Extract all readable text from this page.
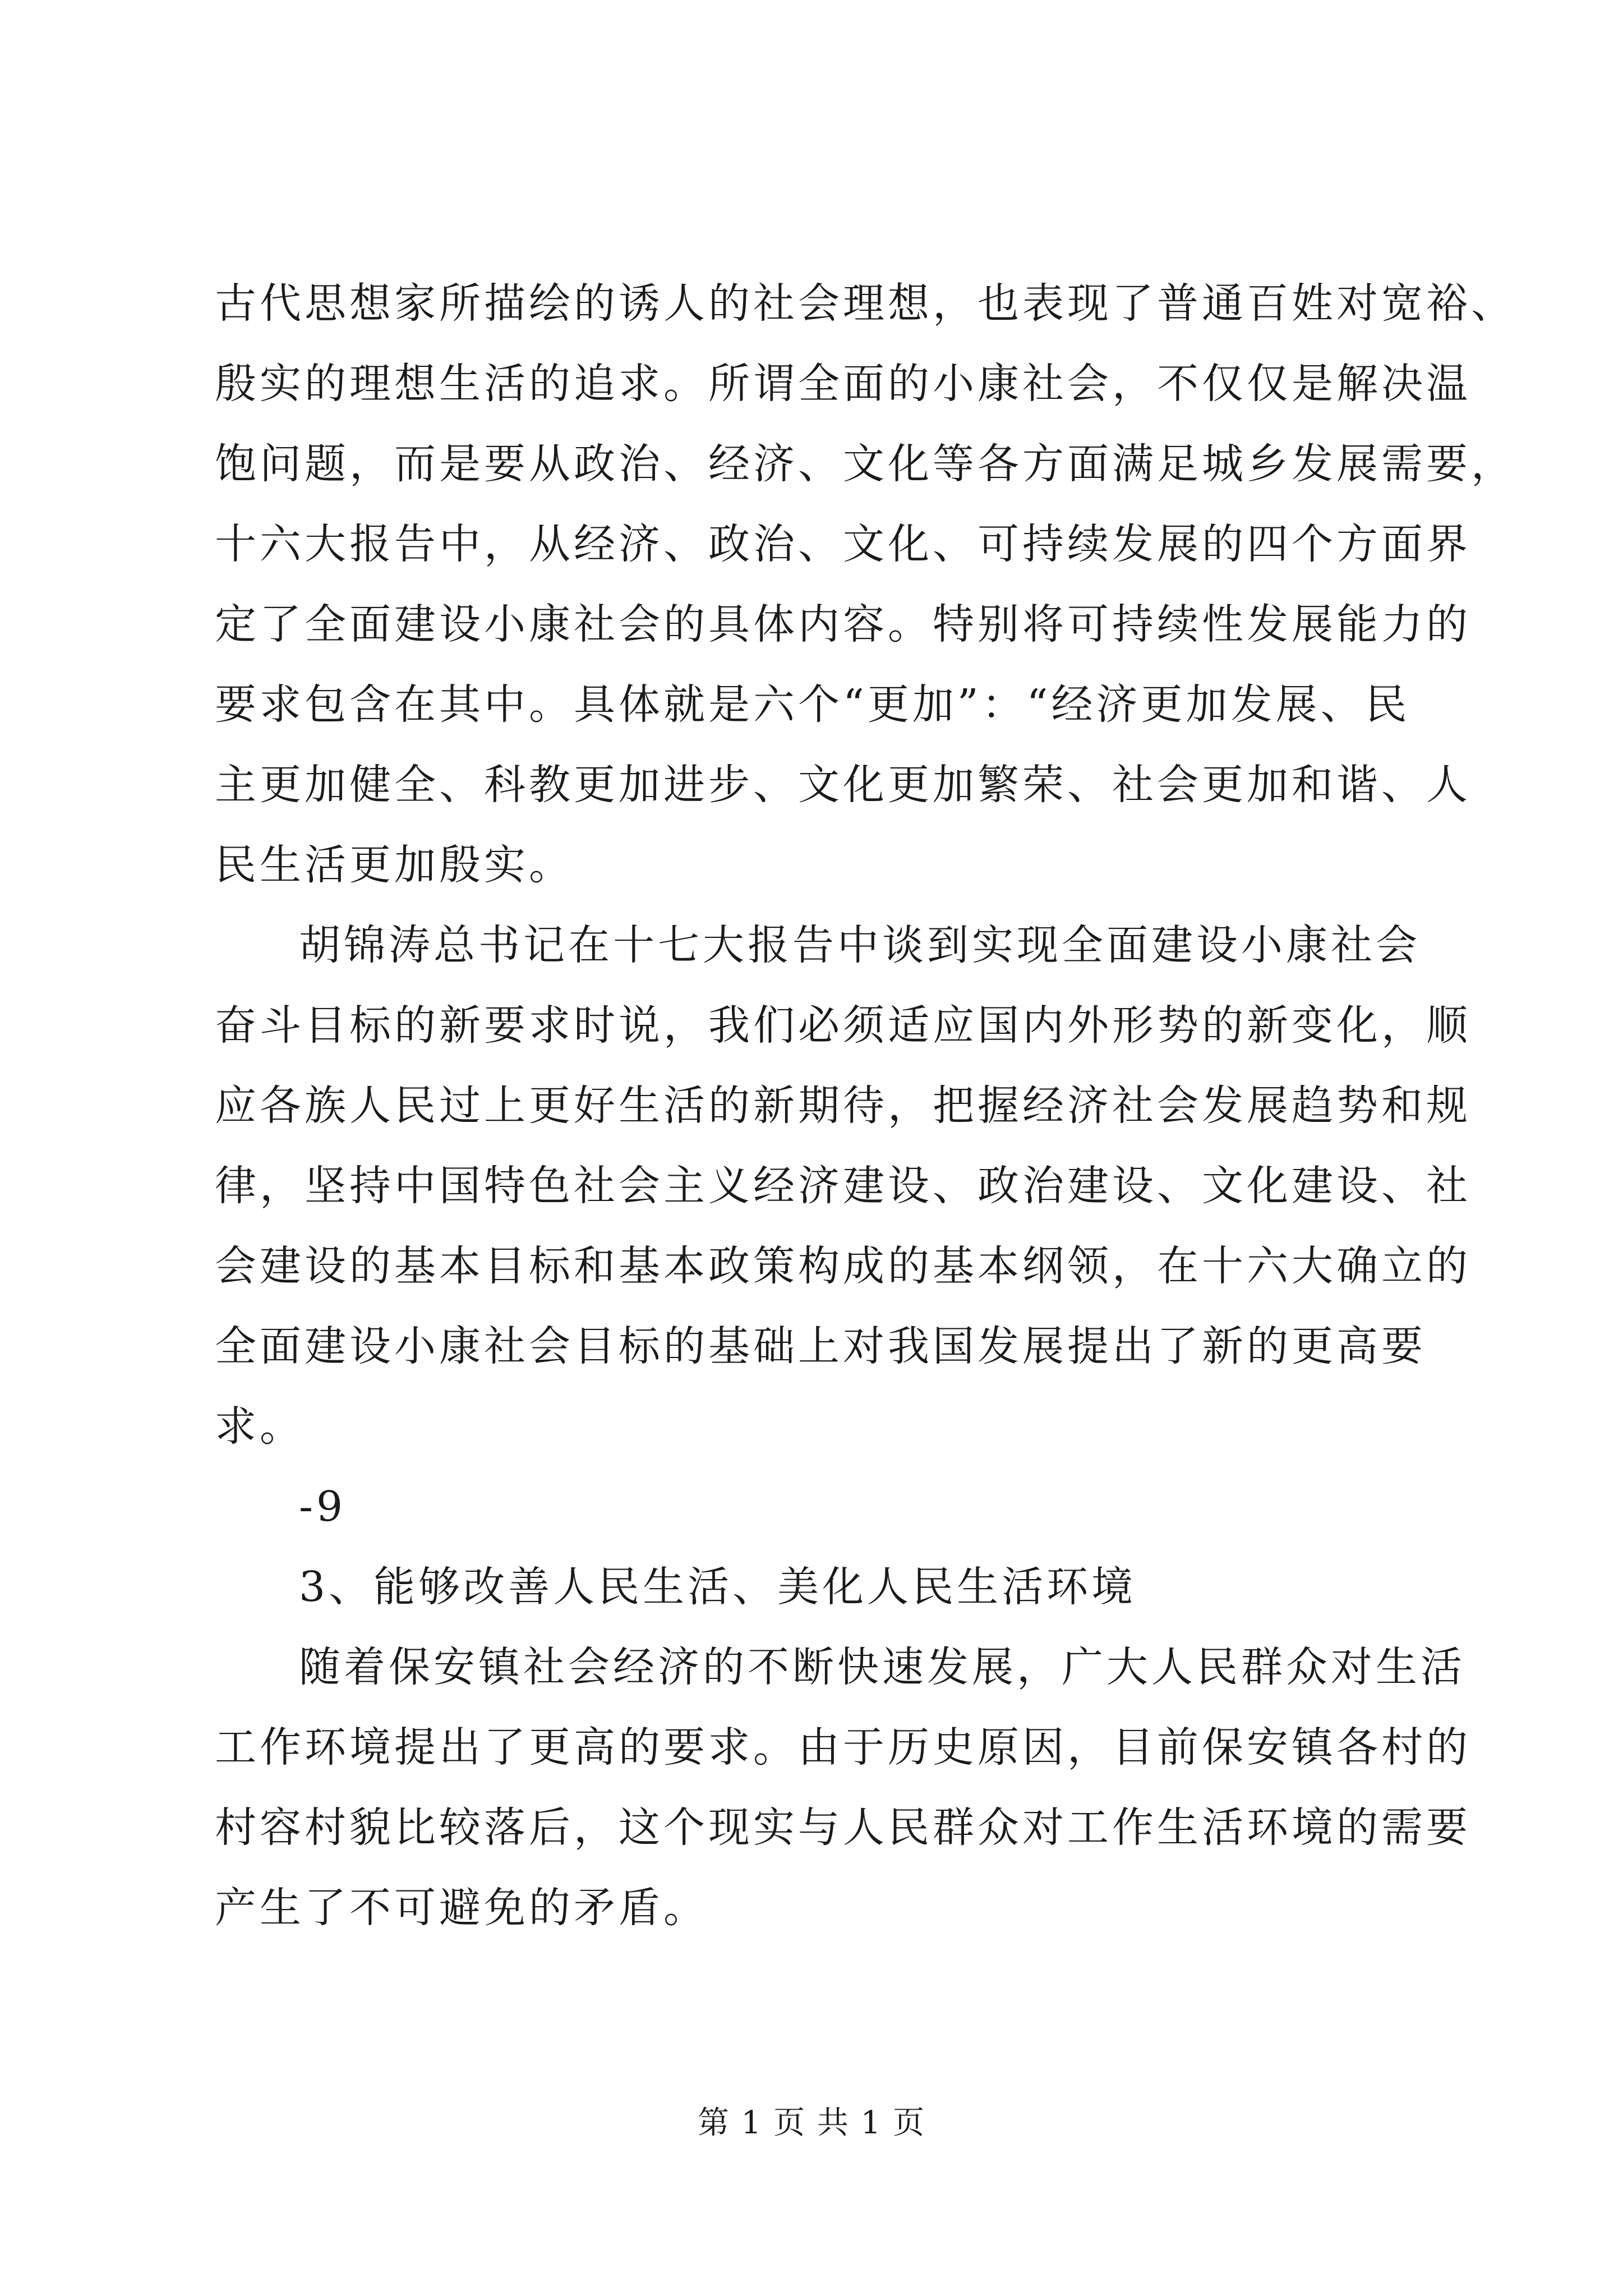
古代思想家所描绘的诱人的社会理想，也表现了普通百姓对宽裕、
殷实的理想生活的追求。所谓全面的小康社会，不仅仅是解决温
饱问题，而是要从政治、经济、文化等各方面满足城乡发展需要，
十六大报告中，从经济、政治、文化、可持续发展的四个方面界
定了全面建设小康社会的具体内容。特别将可持续性发展能力的
要求包含在其中。具体就是六个“更加”：“经济更加发展、民
主更加健全、科教更加进步、文化更加繁荣、社会更加和谐、人
民生活更加殷实。
胡锦涛总书记在十七大报告中谈到实现全面建设小康社会
奋斗目标的新要求时说，我们必须适应国内外形势的新变化，顺
应各族人民过上更好生活的新期待，把握经济社会发展趋势和规
律，坚持中国特色社会主义经济建设、政治建设、文化建设、社
会建设的基本目标和基本政策构成的基本纲领，在十六大确立的
全面建设小康社会目标的基础上对我国发展提出了新的更高要
求。
-9
3、能够改善人民生活、美化人民生活环境
随着保安镇社会经济的不断快速发展，广大人民群众对生活
工作环境提出了更高的要求。由于历史原因，目前保安镇各村的
村容村貌比较落后，这个现实与人民群众对工作生活环境的需要
产生了不可避免的矛盾。
第 1 页 共 1 页
